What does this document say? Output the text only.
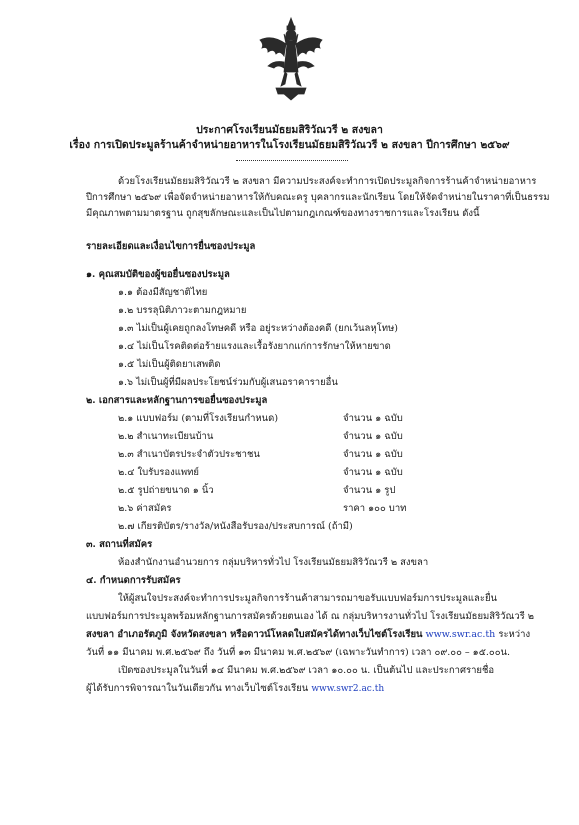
ประกาศโรงเรียนมัธยมสิริวัณวรี ๒ สงขลา
เรื่อง การเปิดประมูลร้านค้าจำหน่ายอาหารในโรงเรียนมัธยมสิริวัณวรี ๒ สงขลา ปีการศึกษา ๒๕๖๙
ด้วยโรงเรียนมัธยมสิริวัณวรี ๒ สงขลา มีความประสงค์จะทำการเปิดประมูลกิจการร้านค้าจำหน่ายอาหาร
ปีการศึกษา ๒๕๖๙ เพื่อจัดจำหน่ายอาหารให้กับคณะครู บุคลากรและนักเรียน โดยให้จัดจำหน่ายในราคาที่เป็นธรรม
มีคุณภาพตามมาตรฐาน ถูกสุขลักษณะและเป็นไปตามกฎเกณฑ์ของทางราชการและโรงเรียน ดังนี้
รายละเอียดและเงื่อนไขการยื่นซองประมูล
๑. คุณสมบัติของผู้ขอยื่นซองประมูล
๑.๑ ต้องมีสัญชาติไทย
๑.๒ บรรลุนิติภาวะตามกฎหมาย
๑.๓ ไม่เป็นผู้เคยถูกลงโทษคดี หรือ อยู่ระหว่างต้องคดี (ยกเว้นลหุโทษ)
๑.๔ ไม่เป็นโรคติดต่อร้ายแรงและเรื้อรังยากแก่การรักษาให้หายขาด
๑.๕ ไม่เป็นผู้ติดยาเสพติด
๑.๖ ไม่เป็นผู้ที่มีผลประโยชน์ร่วมกับผู้เสนอราคารายอื่น
๒. เอกสารและหลักฐานการขอยื่นซองประมูล
๒.๑ แบบฟอร์ม (ตามที่โรงเรียนกำหนด)	จำนวน ๑ ฉบับ
๒.๒ สำเนาทะเบียนบ้าน	จำนวน ๑ ฉบับ
๒.๓ สำเนาบัตรประจำตัวประชาชน	จำนวน ๑ ฉบับ
๒.๔ ใบรับรองแพทย์	จำนวน ๑ ฉบับ
๒.๕ รูปถ่ายขนาด ๑ นิ้ว	จำนวน ๑ รูป
๒.๖ ค่าสมัคร	ราคา ๑๐๐ บาท
๒.๗ เกียรติบัตร/รางวัล/หนังสือรับรอง/ประสบการณ์ (ถ้ามี)
๓. สถานที่สมัคร
ห้องสำนักงานอำนวยการ กลุ่มบริหารทั่วไป โรงเรียนมัธยมสิริวัณวรี ๒ สงขลา
๔. กำหนดการรับสมัคร
ให้ผู้สนใจประสงค์จะทำการประมูลกิจการร้านค้าสามารถมาขอรับแบบฟอร์มการประมูลและยื่น
แบบฟอร์มการประมูลพร้อมหลักฐานการสมัครด้วยตนเอง ได้ ณ กลุ่มบริหารงานทั่วไป โรงเรียนมัธยมสิริวัณวรี ๒
สงขลา อำเภอรัตภูมิ จังหวัดสงขลา หรือดาวน์โหลดใบสมัครได้ทางเว็บไซต์โรงเรียน www.swr.ac.th ระหว่าง
วันที่ ๑๑ มีนาคม พ.ศ.๒๕๖๙ ถึง วันที่ ๑๓ มีนาคม พ.ศ.๒๕๖๙ (เฉพาะวันทำการ) เวลา ๐๙.๐๐ – ๑๕.๐๐น.
เปิดซองประมูลในวันที่ ๑๔ มีนาคม พ.ศ.๒๕๖๙ เวลา ๑๐.๐๐ น. เป็นต้นไป และประกาศรายชื่อ
ผู้ได้รับการพิจารณาในวันเดียวกัน ทางเว็บไซต์โรงเรียน www.swr2.ac.th
